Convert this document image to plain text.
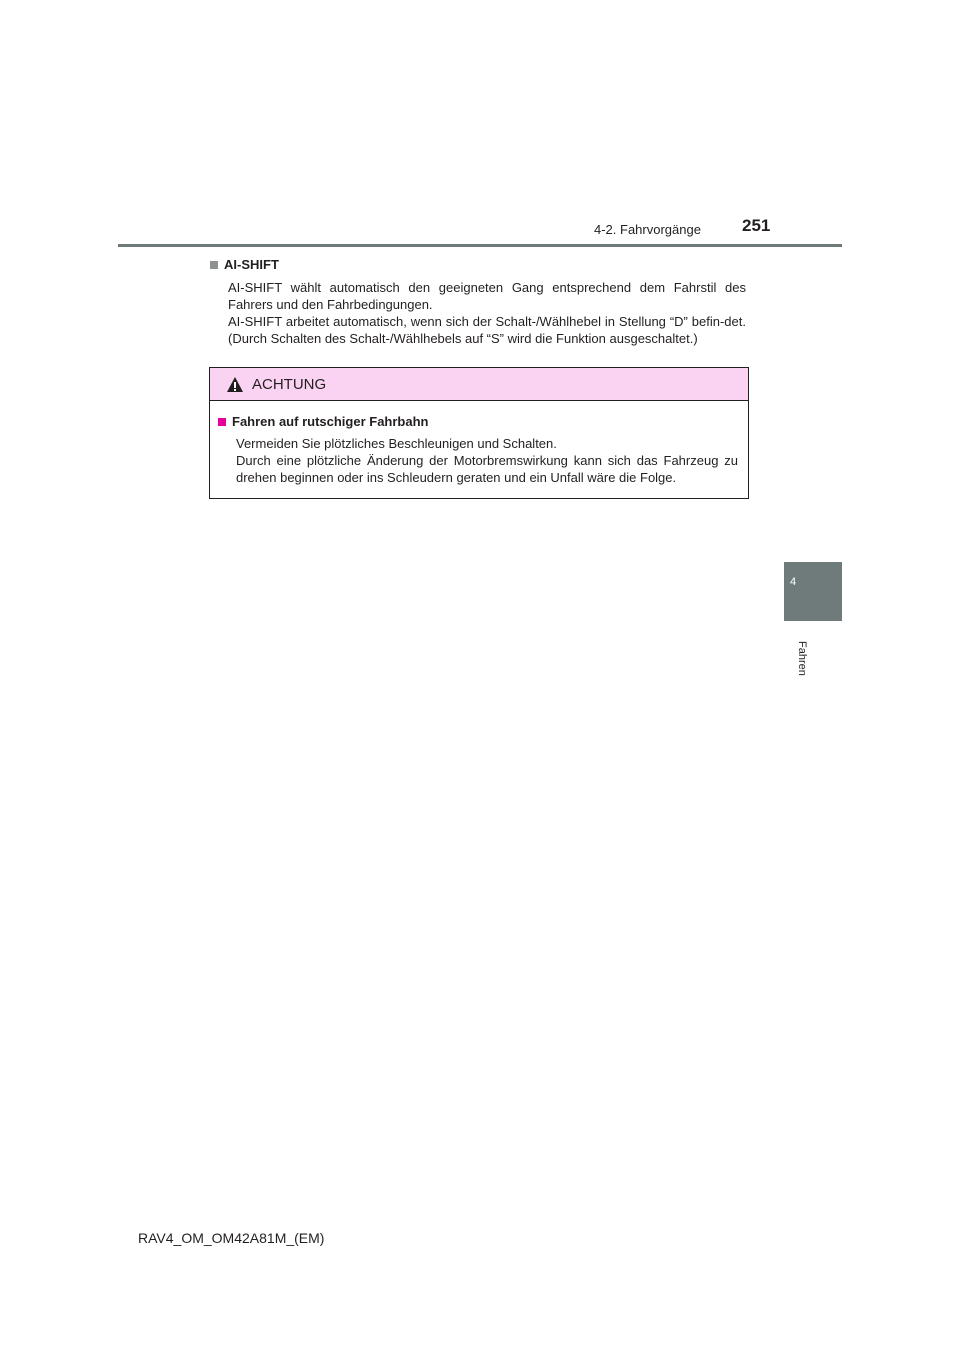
4-2. Fahrvorgänge 251
4
Fahren
AI-SHIFT

AI-SHIFT wählt automatisch den geeigneten Gang entsprechend dem Fahrstil des Fahrers und den Fahrbedingungen.

AI-SHIFT arbeitet automatisch, wenn sich der Schalt-/Wählhebel in Stellung “D” befin-det. (Durch Schalten des Schalt-/Wählhebels auf “S” wird die Funktion ausgeschaltet.)

ACHTUNG
Fahren auf rutschiger Fahrbahn

Vermeiden Sie plötzliches Beschleunigen und Schalten.

Durch eine plötzliche Änderung der Motorbremswirkung kann sich das Fahrzeug zu drehen beginnen oder ins Schleudern geraten und ein Unfall wäre die Folge.

RAV4_OM_OM42A81M_(EM)
